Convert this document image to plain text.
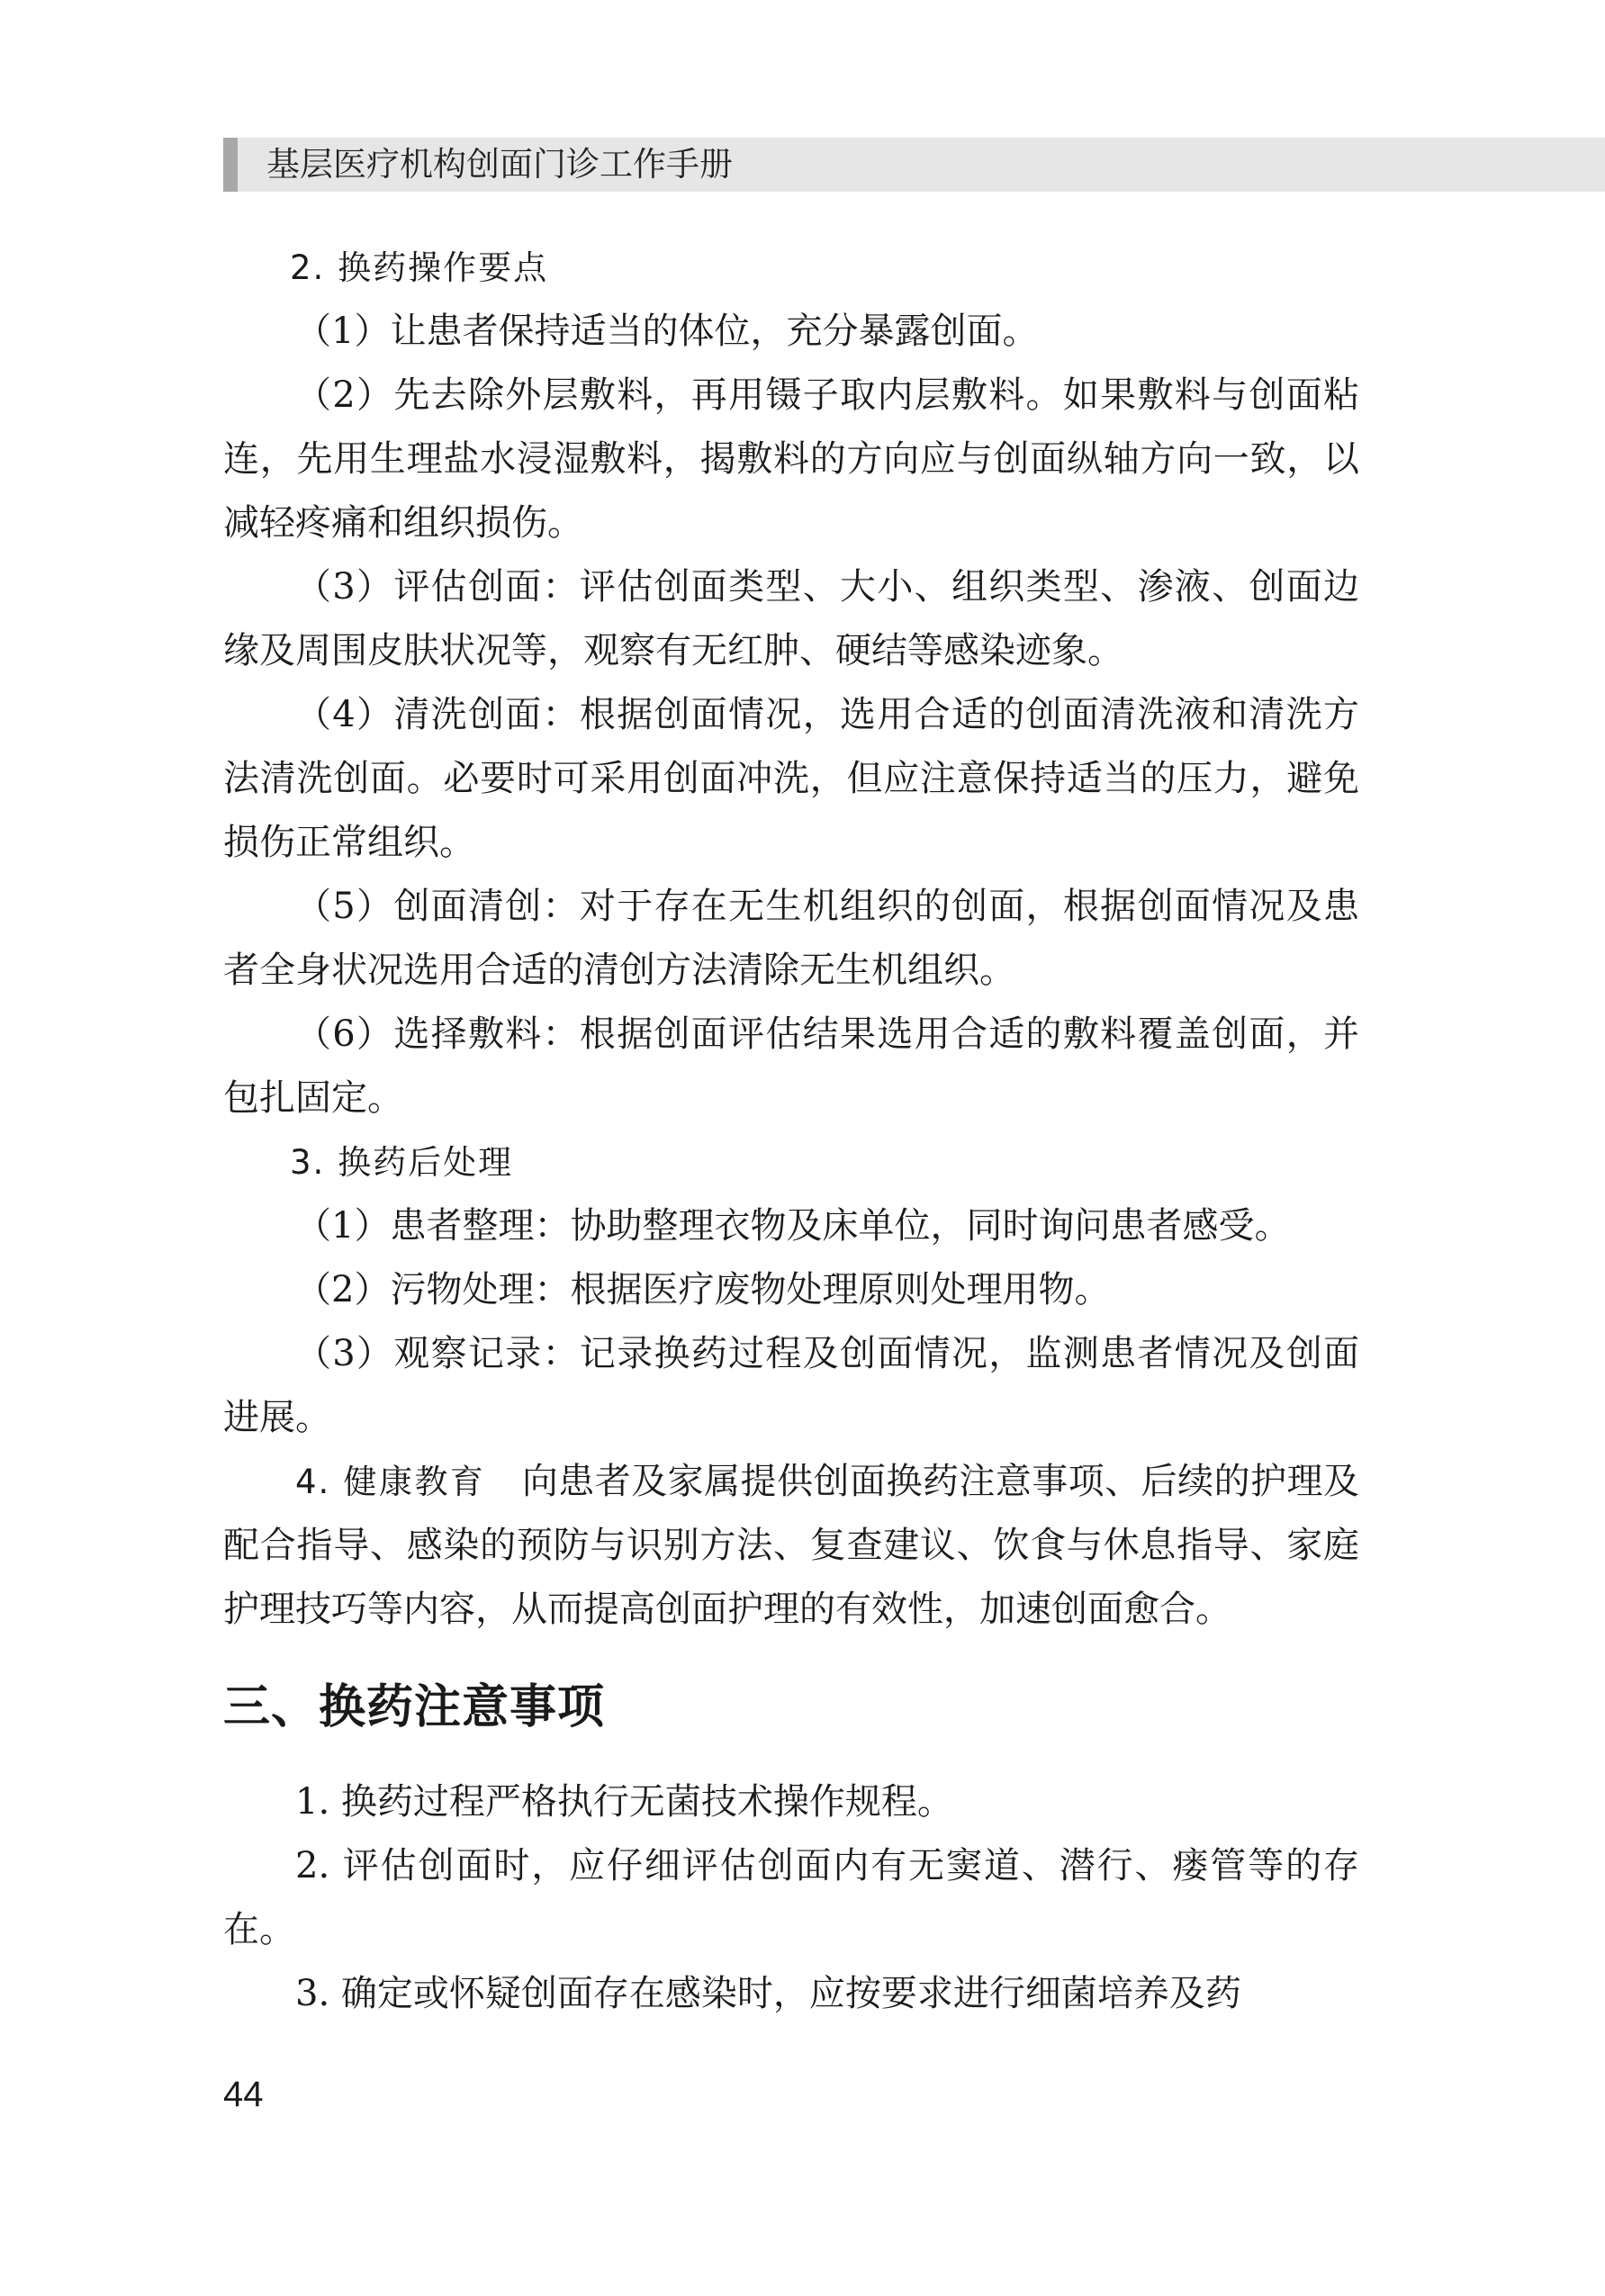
基层医疗机构创面门诊工作手册

2. 换药操作要点

（1）让患者保持适当的体位，充分暴露创面。

（2）先去除外层敷料，再用镊子取内层敷料。如果敷料与创面粘连，先用生理盐水浸湿敷料，揭敷料的方向应与创面纵轴方向一致，以减轻疼痛和组织损伤。

（3）评估创面：评估创面类型、大小、组织类型、渗液、创面边缘及周围皮肤状况等，观察有无红肿、硬结等感染迹象。

（4）清洗创面：根据创面情况，选用合适的创面清洗液和清洗方法清洗创面。必要时可采用创面冲洗，但应注意保持适当的压力，避免损伤正常组织。

（5）创面清创：对于存在无生机组织的创面，根据创面情况及患者全身状况选用合适的清创方法清除无生机组织。

（6）选择敷料：根据创面评估结果选用合适的敷料覆盖创面，并包扎固定。

3. 换药后处理

（1）患者整理：协助整理衣物及床单位，同时询问患者感受。

（2）污物处理：根据医疗废物处理原则处理用物。

（3）观察记录：记录换药过程及创面情况，监测患者情况及创面进展。

4. 健康教育 向患者及家属提供创面换药注意事项、后续的护理及配合指导、感染的预防与识别方法、复查建议、饮食与休息指导、家庭护理技巧等内容，从而提高创面护理的有效性，加速创面愈合。

三、换药注意事项

1. 换药过程严格执行无菌技术操作规程。

2. 评估创面时，应仔细评估创面内有无窦道、潜行、瘘管等的存在。

3. 确定或怀疑创面存在感染时，应按要求进行细菌培养及药

44
